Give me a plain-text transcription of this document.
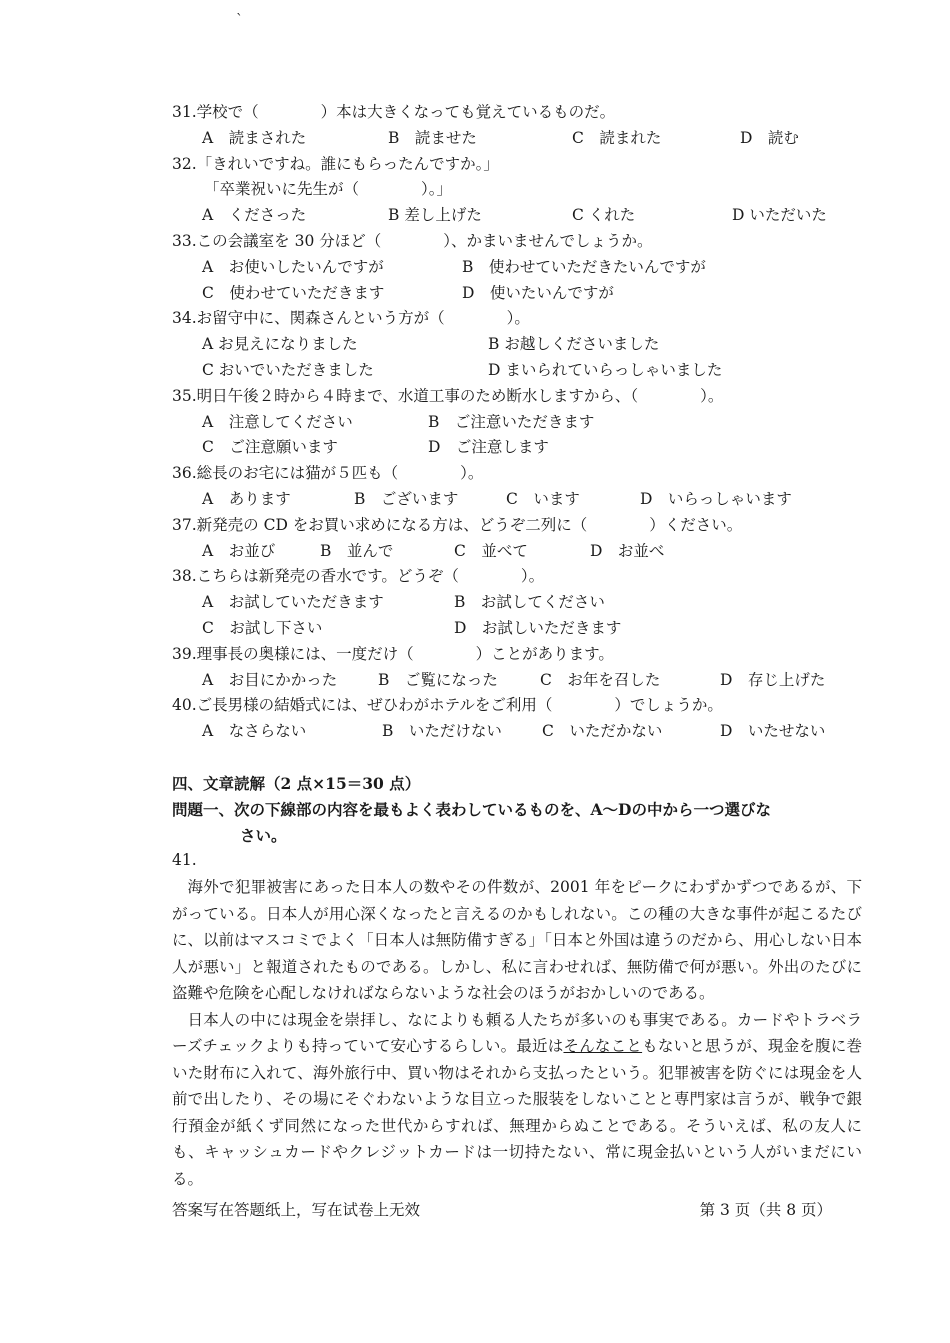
`
31.学校で（　　　　）本は大きくなっても覚えているものだ。
A　読まされた	B　読ませた	C　読まれた	D　読む
32.「きれいですね。誰にもらったんですか。」
「卒業祝いに先生が（　　　　）。」
A　くださった	B 差し上げた	C くれた	D いただいた
33.この会議室を 30 分ほど（　　　　）、かまいませんでしょうか。
A　お使いしたいんですが	B　使わせていただきたいんですが
C　使わせていただきます	D　使いたいんですが
34.お留守中に、関森さんという方が（　　　　）。
A お見えになりました	B お越しくださいました
C おいでいただきました	D まいられていらっしゃいました
35.明日午後２時から４時まで、水道工事のため断水しますから、（　　　　）。
A　注意してください	B　ご注意いただきます
C　ご注意願います	D　ご注意します
36.総長のお宅には猫が５匹も（　　　　）。
A　あります	B　ございます	C　います	D　いらっしゃいます
37.新発売の CD をお買い求めになる方は、どうぞ二列に（　　　　）ください。
A　お並び	B　並んで	C　並べて	D　お並べ
38.こちらは新発売の香水です。どうぞ（　　　　）。
A　お試していただきます	B　お試してください
C　お試し下さい	D　お試しいただきます
39.理事長の奥様には、一度だけ（　　　　）ことがあります。
A　お目にかかった	B　ご覧になった	C　お年を召した	D　存じ上げた
40.ご長男様の結婚式には、ぜひわがホテルをご利用（　　　　）でしょうか。
A　なさらない	B　いただけない	C　いただかない	D　いたせない
四、文章読解（2 点×15＝30 点）
問題一、次の下線部の内容を最もよく表わしているものを、A～Dの中から一つ選びな
さい。
41.
海外で犯罪被害にあった日本人の数やその件数が、2001 年をピークにわずかずつであるが、下がっている。日本人が用心深くなったと言えるのかもしれない。この種の大きな事件が起こるたびに、以前はマスコミでよく「日本人は無防備すぎる」「日本と外国は違うのだから、用心しない日本人が悪い」と報道されたものである。しかし、私に言わせれば、無防備で何が悪い。外出のたびに盗難や危険を心配しなければならないような社会のほうがおかしいのである。
日本人の中には現金を崇拝し、なによりも頼る人たちが多いのも事実である。カードやトラベラーズチェックよりも持っていて安心するらしい。最近はそんなこともないと思うが、現金を腹に巻いた財布に入れて、海外旅行中、買い物はそれから支払ったという。犯罪被害を防ぐには現金を人前で出したり、その場にそぐわないような目立った服装をしないことと専門家は言うが、戦争で銀行預金が紙くず同然になった世代からすれば、無理からぬことである。そういえば、私の友人にも、キャッシュカードやクレジットカードは一切持たない、常に現金払いという人がいまだにいる。
答案写在答题纸上，写在试卷上无效	第 3 页（共 8 页）
